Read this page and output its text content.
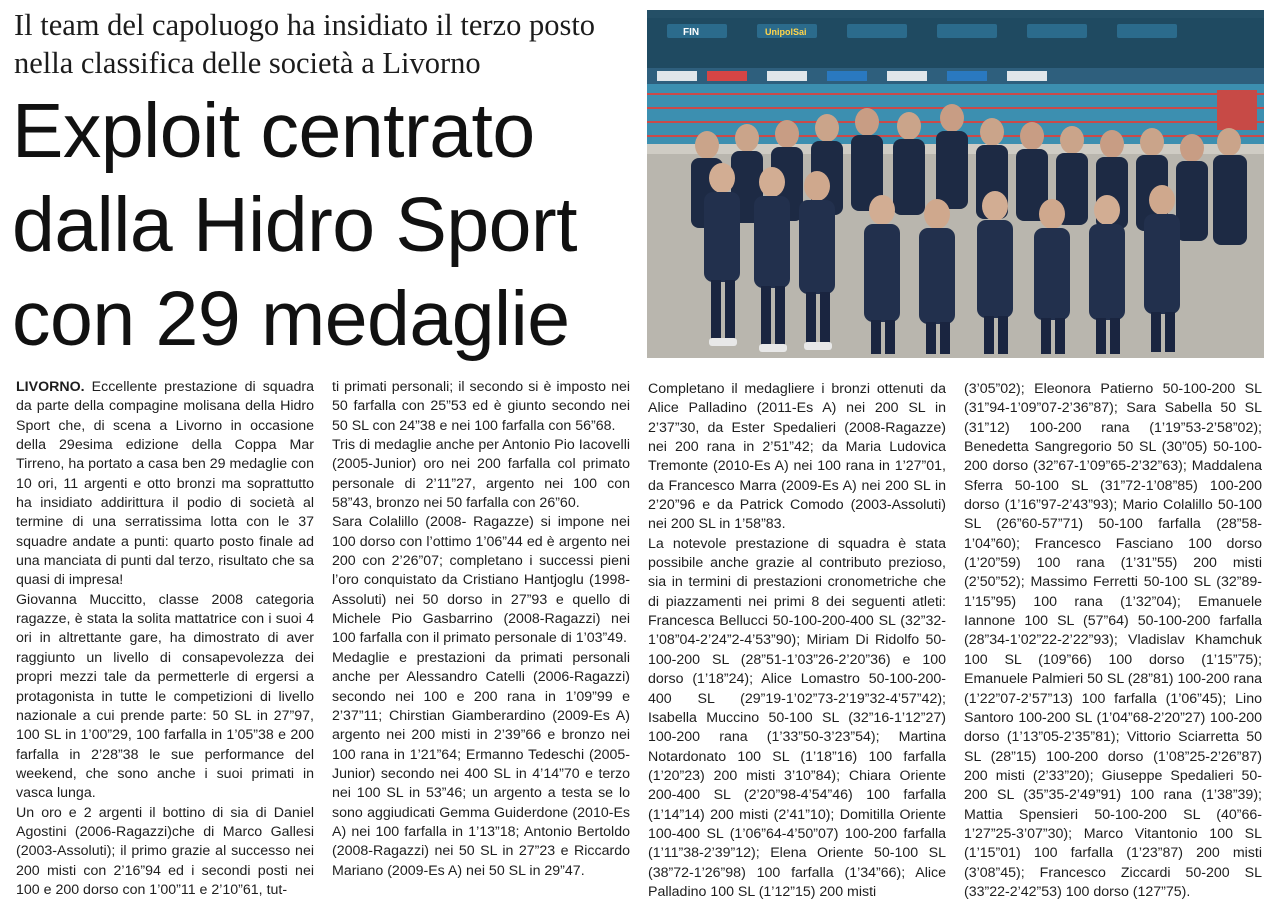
Il team del capoluogo ha insidiato il terzo posto nella classifica delle società a Livorno
Exploit centrato dalla Hidro Sport con 29 medaglie
FIN	UnipolSai

LIVORNO. Eccellente prestazione di squadra da parte della compagine molisana della Hidro Sport che, di scena a Livorno in occasione della 29esima edizione della Coppa Mar Tirreno, ha portato a casa ben 29 medaglie con 10 ori, 11 argenti e otto bronzi ma soprattutto ha insidiato addirittura il podio di società al termine di una serratissima lotta con le 37 squadre andate a punti: quarto posto finale ad una manciata di punti dal terzo, risultato che sa quasi di impresa!

Giovanna Muccitto, classe 2008 categoria ragazze, è stata la solita mattatrice con i suoi 4 ori in altrettante gare, ha dimostrato di aver raggiunto un livello di consapevolezza dei propri mezzi tale da permetterle di ergersi a protagonista in tutte le competizioni di livello nazionale a cui prende parte: 50 SL in 27”97, 100 SL in 1’00”29, 100 farfalla in 1’05”38 e 200 farfalla in 2’28”38 le sue performance del weekend, che sono anche i suoi primati in vasca lunga.

Un oro e 2 argenti il bottino di sia di Daniel Agostini (2006-Ragazzi)che di Marco Gallesi (2003-Assoluti); il primo grazie al successo nei 200 misti con 2’16”94 ed i secondi posti nei 100 e 200 dorso con 1’00”11 e 2’10”61, tut-

ti primati personali; il secondo si è imposto nei 50 farfalla con 25”53 ed è giunto secondo nei 50 SL con 24”38 e nei 100 farfalla con 56”68.

Tris di medaglie anche per Antonio Pio Iacovelli (2005-Junior) oro nei 200 farfalla col primato personale di 2’11”27, argento nei 100 con 58”43, bronzo nei 50 farfalla con 26”60.

Sara Colalillo (2008- Ragazze) si impone nei 100 dorso con l’ottimo 1’06”44 ed è argento nei 200 con 2’26”07; completano i successi pieni l’oro conquistato da Cristiano Hantjoglu (1998-Assoluti) nei 50 dorso in 27”93 e quello di Michele Pio Gasbarrino (2008-Ragazzi) nei 100 farfalla con il primato personale di 1’03”49.

Medaglie e prestazioni da primati personali anche per Alessandro Catelli (2006-Ragazzi) secondo nei 100 e 200 rana in 1’09”99 e 2’37”11; Chirstian Giamberardino (2009-Es A) argento nei 200 misti in 2’39”66 e bronzo nei 100 rana in 1’21”64; Ermanno Tedeschi (2005-Junior) secondo nei 400 SL in 4’14”70 e terzo nei 100 SL in 53”46; un argento a testa se lo sono aggiudicati Gemma Guiderdone (2010-Es A) nei 100 farfalla in 1’13”18; Antonio Bertoldo (2008-Ragazzi) nei 50 SL in 27”23 e Riccardo Mariano (2009-Es A) nei 50 SL in 29”47.

Completano il medagliere i bronzi ottenuti da Alice Palladino (2011-Es A) nei 200 SL in 2’37”30, da Ester Spedalieri (2008-Ragazze) nei 200 rana in 2’51”42; da Maria Ludovica Tremonte (2010-Es A) nei 100 rana in 1’27”01, da Francesco Marra (2009-Es A) nei 200 SL in 2’20”96 e da Patrick Comodo (2003-Assoluti) nei 200 SL in 1’58”83.

La notevole prestazione di squadra è stata possibile anche grazie al contributo prezioso, sia in termini di prestazioni cronometriche che di piazzamenti nei primi 8 dei seguenti atleti: Francesca Bellucci 50-100-200-400 SL (32”32-1’08”04-2’24”2-4’53”90); Miriam Di Ridolfo 50-100-200 SL (28”51-1’03”26-2’20”36) e 100 dorso (1’18”24); Alice Lomastro 50-100-200-400 SL (29”19-1’02”73-2’19”32-4’57”42); Isabella Muccino 50-100 SL (32”16-1’12”27) 100-200 rana (1’33”50-3’23”54); Martina Notardonato 100 SL (1’18”16) 100 farfalla (1’20”23) 200 misti 3’10”84); Chiara Oriente 200-400 SL (2’20”98-4’54”46) 100 farfalla (1’14”14) 200 misti (2’41”10); Domitilla Oriente 100-400 SL (1’06”64-4’50”07) 100-200 farfalla (1’11”38-2’39”12); Elena Oriente 50-100 SL (38”72-1’26”98) 100 farfalla (1’34”66); Alice Palladino 100 SL (1’12”15) 200 misti

(3’05”02); Eleonora Patierno 50-100-200 SL (31”94-1’09”07-2’36”87); Sara Sabella 50 SL (31”12) 100-200 rana (1’19”53-2’58”02); Benedetta Sangregorio 50 SL (30”05) 50-100-200 dorso (32”67-1’09”65-2’32”63); Maddalena Sferra 50-100 SL (31”72-1’08”85) 100-200 dorso (1’16”97-2’43”93); Mario Colalillo 50-100 SL (26”60-57”71) 50-100 farfalla (28”58-1’04”60); Francesco Fasciano 100 dorso (1’20”59) 100 rana (1’31”55) 200 misti (2’50”52); Massimo Ferretti 50-100 SL (32”89-1’15”95) 100 rana (1’32”04); Emanuele Iannone 100 SL (57”64) 50-100-200 farfalla (28”34-1’02”22-2’22”93); Vladislav Khamchuk 100 SL (109”66) 100 dorso (1’15”75); Emanuele Palmieri 50 SL (28”81) 100-200 rana (1’22”07-2’57”13) 100 farfalla (1’06”45); Lino Santoro 100-200 SL (1’04”68-2’20”27) 100-200 dorso (1’13”05-2’35”81); Vittorio Sciarretta 50 SL (28”15) 100-200 dorso (1’08”25-2’26”87) 200 misti (2’33”20); Giuseppe Spedalieri 50-200 SL (35”35-2’49”91) 100 rana (1’38”39); Mattia Spensieri 50-100-200 SL (40”66-1’27”25-3’07”30); Marco Vitantonio 100 SL (1’15”01) 100 farfalla (1’23”87) 200 misti (3’08”45); Francesco Ziccardi 50-200 SL (33”22-2’42”53) 100 dorso (127”75).
